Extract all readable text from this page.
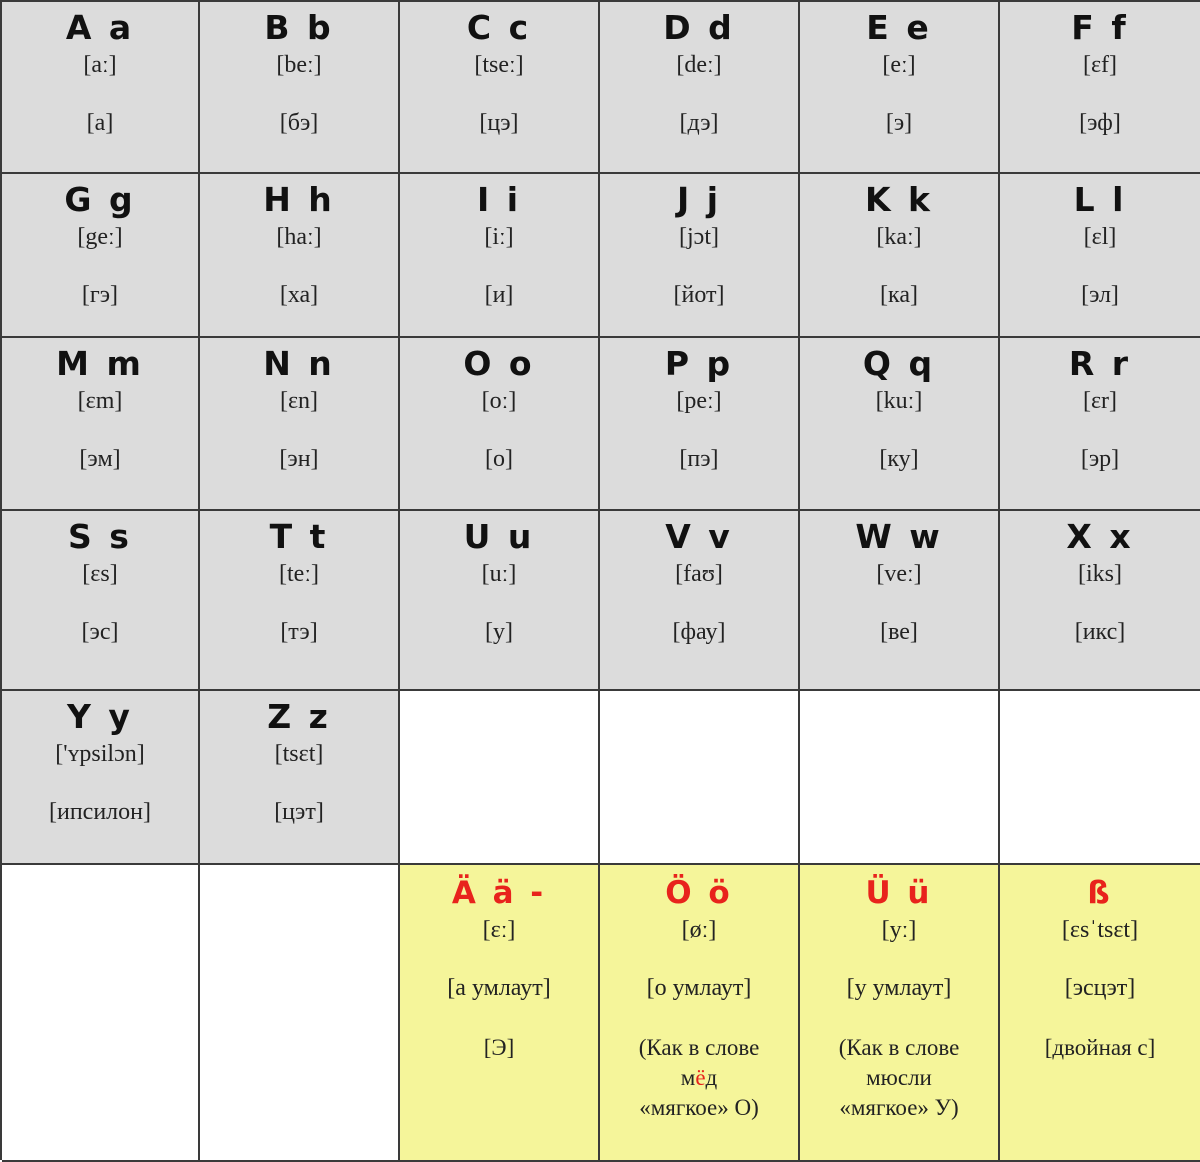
A a
[aː]
[а]
B b
[beː]
[бэ]
C c
[tseː]
[цэ]
D d
[deː]
[дэ]
E e
[eː]
[э]
F f
[ɛf]
[эф]
G g
[geː]
[гэ]
H h
[haː]
[ха]
I i
[iː]
[и]
J j
[jɔt]
[йот]
K k
[kaː]
[ка]
L l
[ɛl]
[эл]
M m
[ɛm]
[эм]
N n
[ɛn]
[эн]
O o
[oː]
[о]
P p
[peː]
[пэ]
Q q
[kuː]
[ку]
R r
[ɛr]
[эр]
S s
[ɛs]
[эс]
T t
[teː]
[тэ]
U u
[uː]
[у]
V v
[faʊ]
[фау]
W w
[veː]
[ве]
X x
[iks]
[икс]
Y y
['ʏpsilɔn]
[ипсилон]
Z z
[tsɛt]
[цэт]
Ä ä -
[ɛː]
[а умлаут]
[Э]
Ö ö
[øː]
[о умлаут]
(Как в слове
мёд
«мягкое» О)
Ü ü
[yː]
[у умлаут]
(Как в слове
мюсли
«мягкое» У)
ß
[ɛsˈtsɛt]
[эсцэт]
[двойная с]
